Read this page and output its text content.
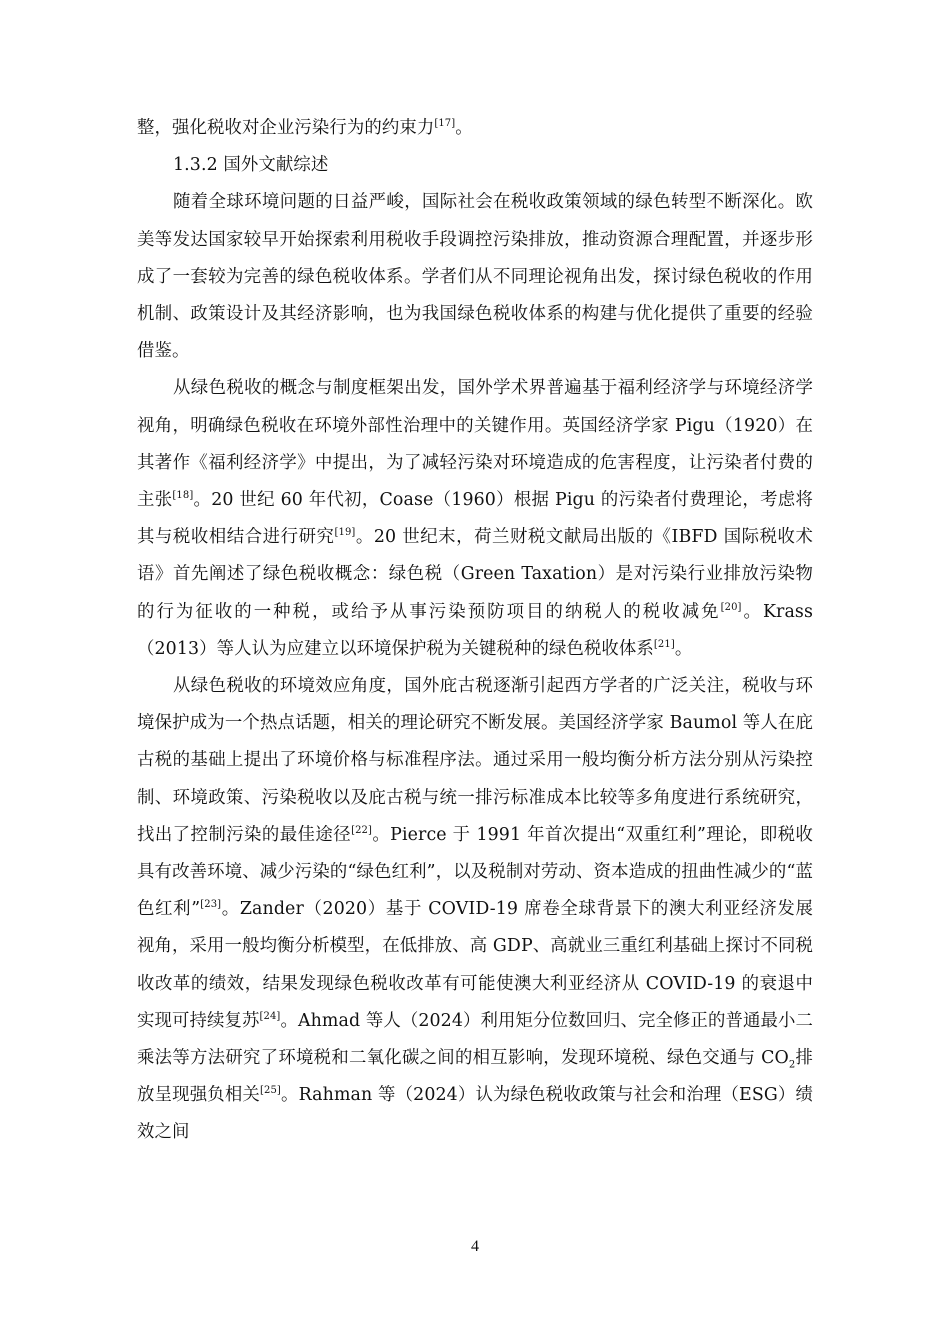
整，强化税收对企业污染行为的约束力[17]。

1.3.2 国外文献综述

随着全球环境问题的日益严峻，国际社会在税收政策领域的绿色转型不断深化。欧美等发达国家较早开始探索利用税收手段调控污染排放，推动资源合理配置，并逐步形成了一套较为完善的绿色税收体系。学者们从不同理论视角出发，探讨绿色税收的作用机制、政策设计及其经济影响，也为我国绿色税收体系的构建与优化提供了重要的经验借鉴。

从绿色税收的概念与制度框架出发，国外学术界普遍基于福利经济学与环境经济学视角，明确绿色税收在环境外部性治理中的关键作用。英国经济学家 Pigu（1920）在其著作《福利经济学》中提出，为了减轻污染对环境造成的危害程度，让污染者付费的主张[18]。20 世纪 60 年代初，Coase（1960）根据 Pigu 的污染者付费理论，考虑将其与税收相结合进行研究[19]。20 世纪末，荷兰财税文献局出版的《IBFD 国际税收术语》首先阐述了绿色税收概念：绿色税（Green Taxation）是对污染行业排放污染物的行为征收的一种税，或给予从事污染预防项目的纳税人的税收减免[20]。Krass（2013）等人认为应建立以环境保护税为关键税种的绿色税收体系[21]。

从绿色税收的环境效应角度，国外庇古税逐渐引起西方学者的广泛关注，税收与环境保护成为一个热点话题，相关的理论研究不断发展。美国经济学家 Baumol 等人在庇古税的基础上提出了环境价格与标准程序法。通过采用一般均衡分析方法分别从污染控制、环境政策、污染税收以及庇古税与统一排污标准成本比较等多角度进行系统研究，找出了控制污染的最佳途径[22]。Pierce 于 1991 年首次提出“双重红利”理论，即税收具有改善环境、减少污染的“绿色红利”，以及税制对劳动、资本造成的扭曲性减少的“蓝色红利”[23]。Zander（2020）基于 COVID-19 席卷全球背景下的澳大利亚经济发展视角，采用一般均衡分析模型，在低排放、高 GDP、高就业三重红利基础上探讨不同税收改革的绩效，结果发现绿色税收改革有可能使澳大利亚经济从 COVID-19 的衰退中实现可持续复苏[24]。Ahmad 等人（2024）利用矩分位数回归、完全修正的普通最小二乘法等方法研究了环境税和二氧化碳之间的相互影响，发现环境税、绿色交通与 $CO_2$排放呈现强负相关[25]。Rahman 等（2024）认为绿色税收政策与社会和治理（ESG）绩效之间

4
